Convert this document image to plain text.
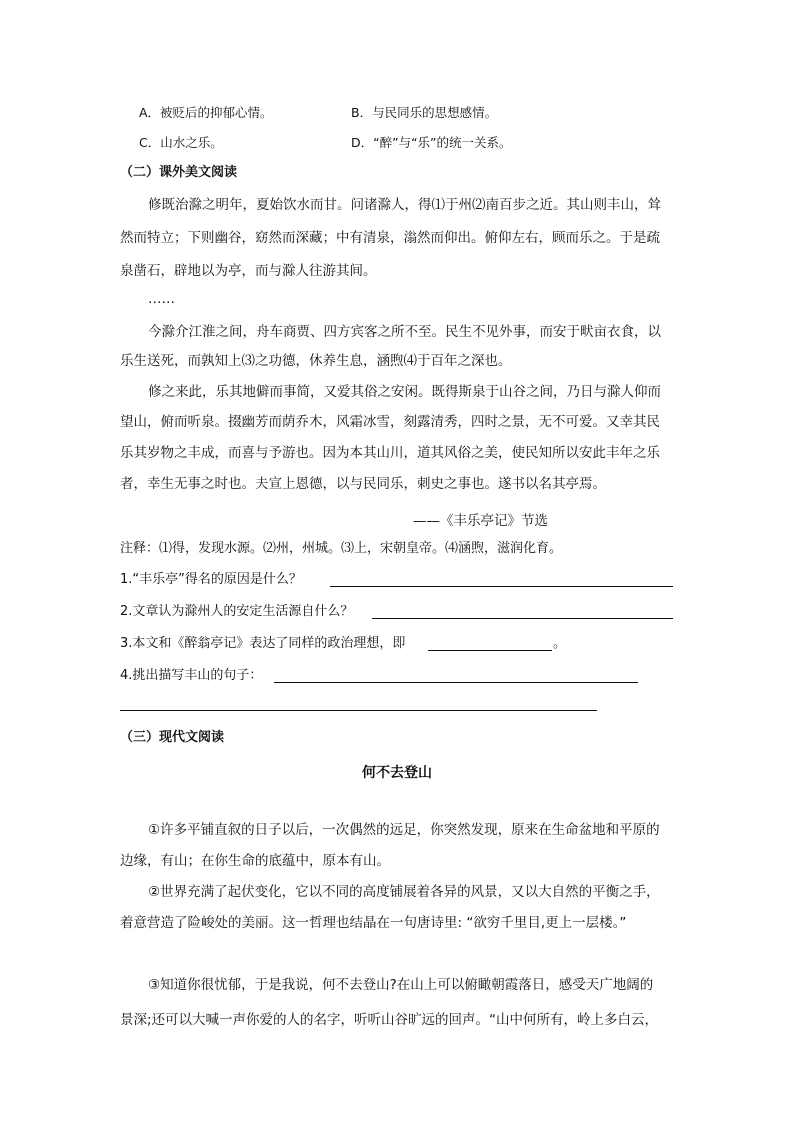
A．被贬后的抑郁心情。	B．与民同乐的思想感情。
C．山水之乐。	D．“醉”与“乐”的统一关系。
（二）课外美文阅读
修既治滁之明年，夏始饮水而甘。问诸滁人，得⑴于州⑵南百步之近。其山则丰山，耸
然而特立；下则幽谷，窈然而深藏；中有清泉，滃然而仰出。俯仰左右，顾而乐之。于是疏
泉凿石，辟地以为亭，而与滁人往游其间。
……
今滁介江淮之间，舟车商贾、四方宾客之所不至。民生不见外事，而安于畎亩衣食，以
乐生送死，而孰知上⑶之功德，休养生息，涵煦⑷于百年之深也。
修之来此，乐其地僻而事简，又爱其俗之安闲。既得斯泉于山谷之间，乃日与滁人仰而
望山，俯而听泉。掇幽芳而荫乔木，风霜冰雪，刻露清秀，四时之景，无不可爱。又幸其民
乐其岁物之丰成，而喜与予游也。因为本其山川，道其风俗之美，使民知所以安此丰年之乐
者，幸生无事之时也。夫宣上恩德，以与民同乐，刺史之事也。遂书以名其亭焉。
——《丰乐亭记》节选
注释：⑴得，发现水源。⑵州，州城。⑶上，宋朝皇帝。⑷涵煦，滋润化育。
1.“丰乐亭”得名的原因是什么？
2.文章认为滁州人的安定生活源自什么？
3.本文和《醉翁亭记》表达了同样的政治理想，即	。
4.挑出描写丰山的句子：
（三）现代文阅读
何不去登山
①许多平铺直叙的日子以后，一次偶然的远足，你突然发现，原来在生命盆地和平原的
边缘，有山；在你生命的底蕴中，原本有山。
②世界充满了起伏变化，它以不同的高度铺展着各异的风景，又以大自然的平衡之手，
着意营造了险峻处的美丽。这一哲理也结晶在一句唐诗里: “欲穷千里目,更上一层楼。”
③知道你很忧郁，于是我说，何不去登山?在山上可以俯瞰朝霞落日，感受天广地阔的
景深;还可以大喊一声你爱的人的名字，听听山谷旷远的回声。“山中何所有，岭上多白云，
